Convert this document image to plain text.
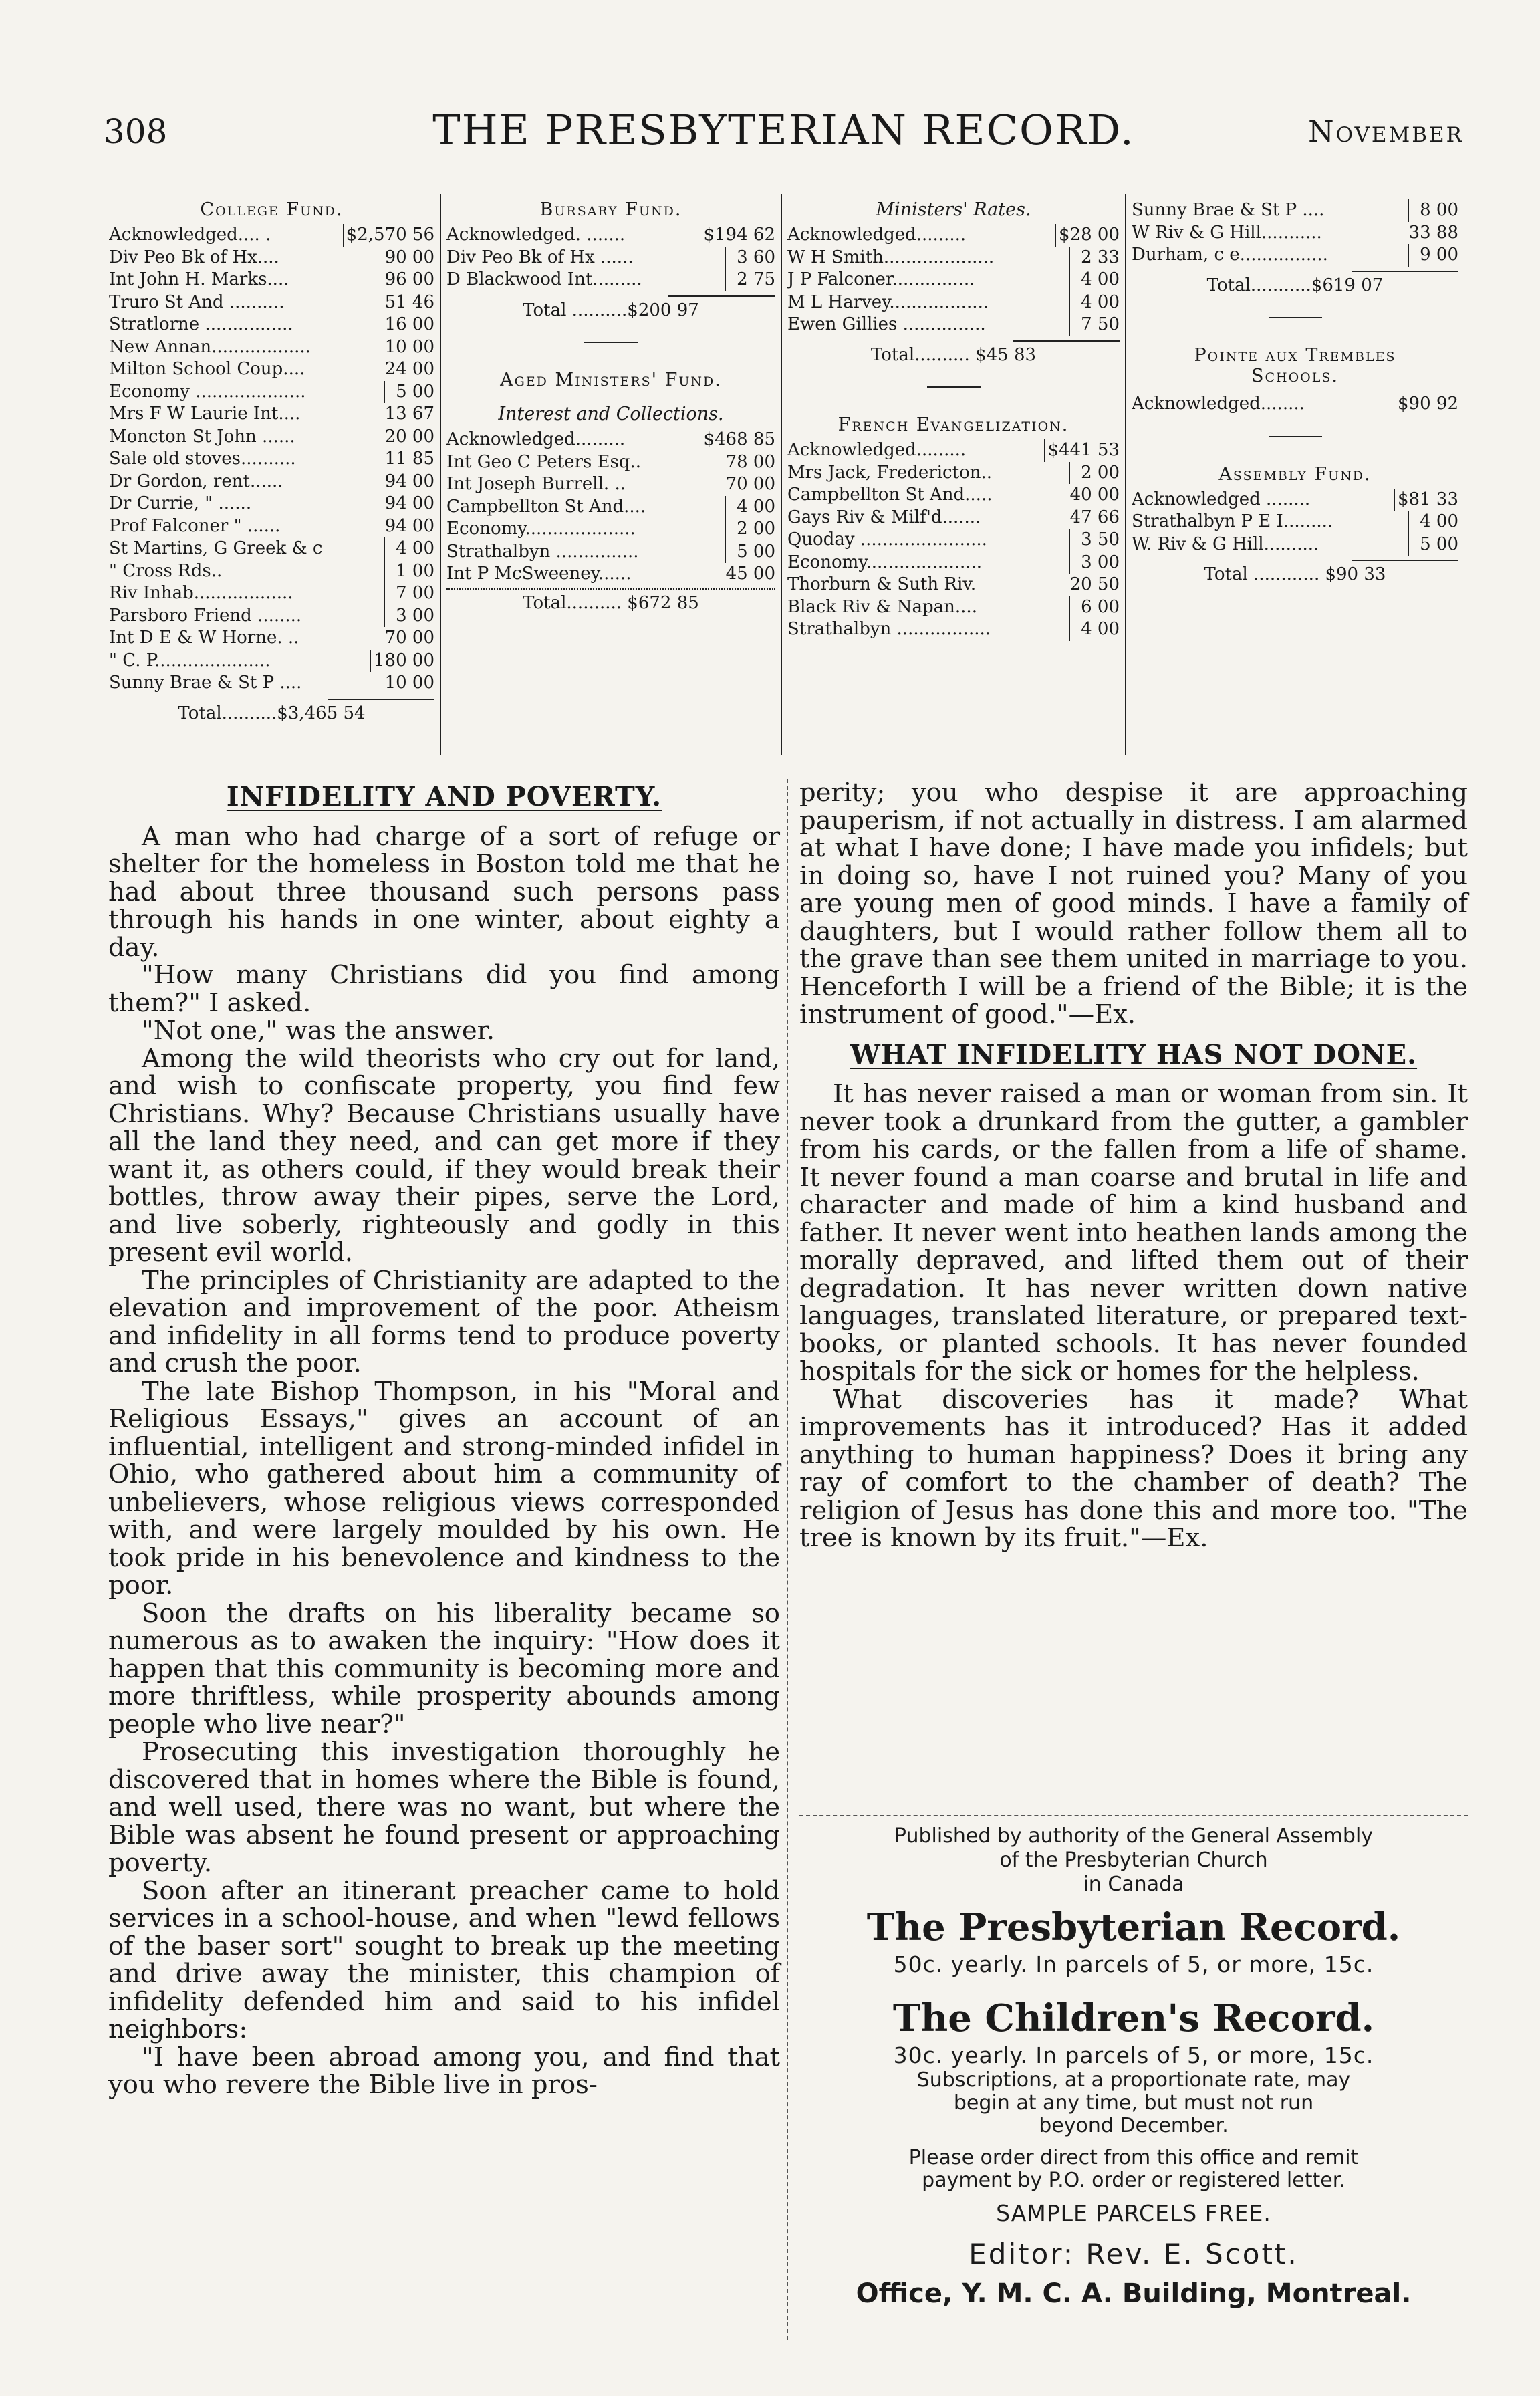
308	THE PRESBYTERIAN RECORD.	November
College Fund.
Acknowledged.... .	$2,570 56
Div Peo Bk of Hx....	90 00
Int John H. Marks....	96 00
Truro St And ..........	51 46
Stratlorne ................	16 00
New Annan..................	10 00
Milton School Coup....	24 00
Economy ....................	5 00
Mrs F W Laurie Int....	13 67
Moncton St John ......	20 00
Sale old stoves..........	11 85
Dr Gordon, rent......	94 00
Dr Currie, " ......	94 00
Prof Falconer " ......	94 00
St Martins, G Greek & c	4 00
" Cross Rds..	1 00
Riv Inhab..................	7 00
Parsboro Friend ........	3 00
Int D E & W Horne. ..	70 00
" C. P.....................	180 00
Sunny Brae & St P ....	10 00
Total..........$3,465 54
Bursary Fund.
Acknowledged. .......	$194 62
Div Peo Bk of Hx ......	3 60
D Blackwood Int.........	2 75
Total ..........$200 97
Aged Ministers' Fund.
Interest and Collections.
Acknowledged.........	$468 85
Int Geo C Peters Esq..	78 00
Int Joseph Burrell. ..	70 00
Campbellton St And....	4 00
Economy....................	2 00
Strathalbyn ...............	5 00
Int P McSweeney......	45 00
Total.......... $672 85
Ministers' Rates.
Acknowledged.........	$28 00
W H Smith....................	2 33
J P Falconer...............	4 00
M L Harvey..................	4 00
Ewen Gillies ...............	7 50
Total.......... $45 83
French Evangelization.
Acknowledged.........	$441 53
Mrs Jack, Fredericton..	2 00
Campbellton St And.....	40 00
Gays Riv & Milf'd.......	47 66
Quoday .......................	3 50
Economy.....................	3 00
Thorburn & Suth Riv.	20 50
Black Riv & Napan....	6 00
Strathalbyn .................	4 00
Sunny Brae & St P ....	8 00
W Riv & G Hill...........	33 88
Durham, c e................	9 00
Total...........$619 07
Pointe aux Trembles Schools.
Acknowledged........	$90 92
Assembly Fund.
Acknowledged ........	$81 33
Strathalbyn P E I.........	4 00
W. Riv & G Hill..........	5 00
Total ............ $90 33
INFIDELITY AND POVERTY.

A man who had charge of a sort of refuge or shelter for the homeless in Boston told me that he had about three thousand such persons pass through his hands in one winter, about eighty a day.

"How many Christians did you find among them?" I asked.

"Not one," was the answer.

Among the wild theorists who cry out for land, and wish to confiscate property, you find few Christians. Why? Because Christians usually have all the land they need, and can get more if they want it, as others could, if they would break their bottles, throw away their pipes, serve the Lord, and live soberly, righteously and godly in this present evil world.

The principles of Christianity are adapted to the elevation and improvement of the poor. Atheism and infidelity in all forms tend to produce poverty and crush the poor.

The late Bishop Thompson, in his "Moral and Religious Essays," gives an account of an influential, intelligent and strong-minded infidel in Ohio, who gathered about him a community of unbelievers, whose religious views corresponded with, and were largely moulded by his own. He took pride in his benevolence and kindness to the poor.

Soon the drafts on his liberality became so numerous as to awaken the inquiry: "How does it happen that this community is becoming more and more thriftless, while prosperity abounds among people who live near?"

Prosecuting this investigation thoroughly he discovered that in homes where the Bible is found, and well used, there was no want, but where the Bible was absent he found present or approaching poverty.

Soon after an itinerant preacher came to hold services in a school-house, and when "lewd fellows of the baser sort" sought to break up the meeting and drive away the minister, this champion of infidelity defended him and said to his infidel neighbors:

"I have been abroad among you, and find that you who revere the Bible live in pros-

perity; you who despise it are approaching pauperism, if not actually in distress. I am alarmed at what I have done; I have made you infidels; but in doing so, have I not ruined you? Many of you are young men of good minds. I have a family of daughters, but I would rather follow them all to the grave than see them united in marriage to you. Henceforth I will be a friend of the Bible; it is the instrument of good."—Ex.

WHAT INFIDELITY HAS NOT DONE.

It has never raised a man or woman from sin. It never took a drunkard from the gutter, a gambler from his cards, or the fallen from a life of shame. It never found a man coarse and brutal in life and character and made of him a kind husband and father. It never went into heathen lands among the morally depraved, and lifted them out of their degradation. It has never written down native languages, translated literature, or prepared text-books, or planted schools. It has never founded hospitals for the sick or homes for the helpless.

What discoveries has it made? What improvements has it introduced? Has it added anything to human happiness? Does it bring any ray of comfort to the chamber of death? The religion of Jesus has done this and more too. "The tree is known by its fruit."—Ex.

Published by authority of the General Assembly
of the Presbyterian Church
in Canada
The Presbyterian Record.
50c. yearly. In parcels of 5, or more, 15c.
The Children's Record.
30c. yearly. In parcels of 5, or more, 15c.
Subscriptions, at a proportionate rate, may
begin at any time, but must not run
beyond December.
Please order direct from this office and remit
payment by P.O. order or registered letter.
SAMPLE PARCELS FREE.
Editor: Rev. E. Scott.
Office, Y. M. C. A. Building, Montreal.
